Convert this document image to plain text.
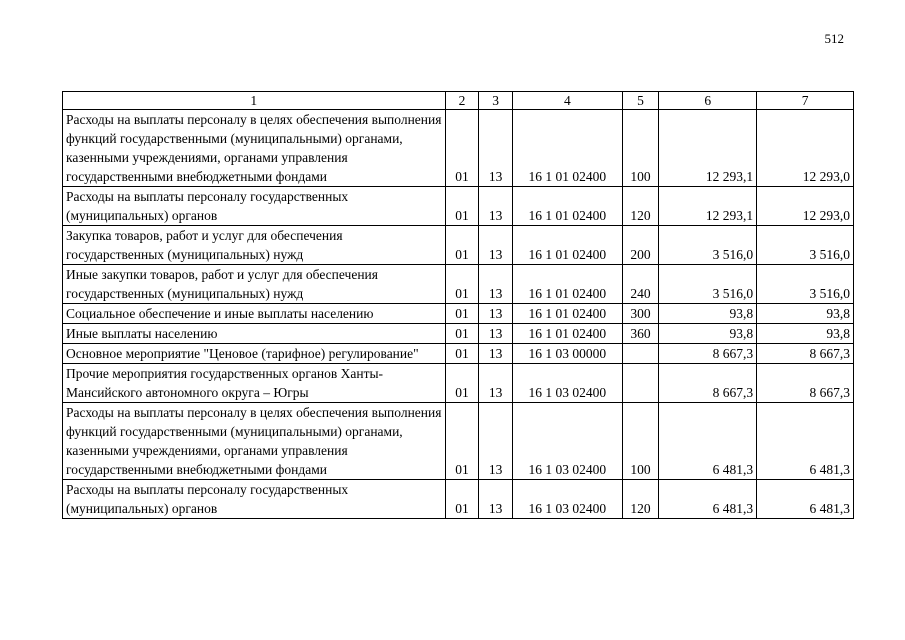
512
1	2	3	4	5	6	7
Расходы на выплаты персоналу в целях обеспечения выполнения функций государственными (муниципальными) органами, казенными учреждениями, органами управления государственными внебюджетными фондами	01	13	16 1 01 02400	100	12 293,1	12 293,0
Расходы на выплаты персоналу государственных (муниципальных) органов	01	13	16 1 01 02400	120	12 293,1	12 293,0
Закупка товаров, работ и услуг для обеспечения государственных (муниципальных) нужд	01	13	16 1 01 02400	200	3 516,0	3 516,0
Иные закупки товаров, работ и услуг для обеспечения государственных (муниципальных) нужд	01	13	16 1 01 02400	240	3 516,0	3 516,0
Социальное обеспечение и иные выплаты населению	01	13	16 1 01 02400	300	93,8	93,8
Иные выплаты населению	01	13	16 1 01 02400	360	93,8	93,8
Основное мероприятие "Ценовое (тарифное) регулирование"	01	13	16 1 03 00000		8 667,3	8 667,3
Прочие мероприятия государственных органов Ханты-Мансийского автономного округа – Югры	01	13	16 1 03 02400		8 667,3	8 667,3
Расходы на выплаты персоналу в целях обеспечения выполнения функций государственными (муниципальными) органами, казенными учреждениями, органами управления государственными внебюджетными фондами	01	13	16 1 03 02400	100	6 481,3	6 481,3
Расходы на выплаты персоналу государственных (муниципальных) органов	01	13	16 1 03 02400	120	6 481,3	6 481,3
